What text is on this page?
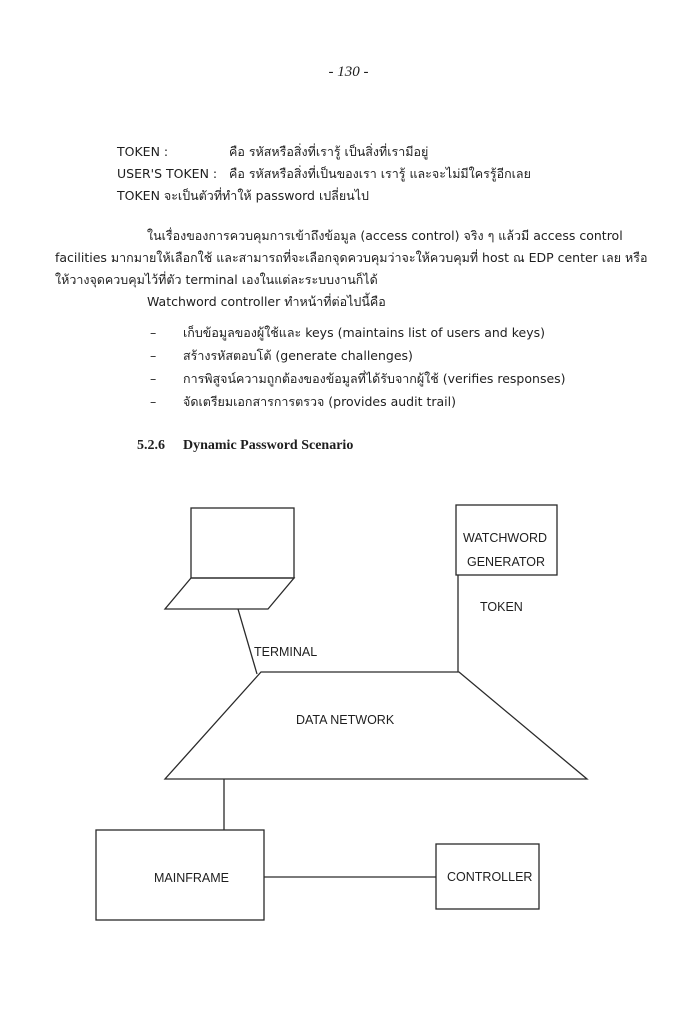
- 130 -
TOKEN :	คือ รหัสหรือสิ่งที่เรารู้ เป็นสิ่งที่เรามีอยู่
USER'S TOKEN : คือ รหัสหรือสิ่งที่เป็นของเรา เรารู้ และจะไม่มีใครรู้อีกเลย
TOKEN จะเป็นตัวที่ทำให้ password เปลี่ยนไป
ในเรื่องของการควบคุมการเข้าถึงข้อมูล (access control) จริง ๆ แล้วมี access control
facilities มากมายให้เลือกใช้ และสามารถที่จะเลือกจุดควบคุมว่าจะให้ควบคุมที่ host ณ EDP center เลย หรือ
ให้วางจุดควบคุมไว้ที่ตัว terminal เองในแต่ละระบบงานก็ได้
Watchword controller ทำหน้าที่ต่อไปนี้คือ
– เก็บข้อมูลของผู้ใช้และ keys (maintains list of users and keys)
– สร้างรหัสตอบโต้ (generate challenges)
– การพิสูจน์ความถูกต้องของข้อมูลที่ได้รับจากผู้ใช้ (verifies responses)
– จัดเตรียมเอกสารการตรวจ (provides audit trail)
5.2.6 Dynamic Password Scenario
WATCHWORD
GENERATOR
TOKEN
TERMINAL
DATA NETWORK
MAINFRAME	CONTROLLER
